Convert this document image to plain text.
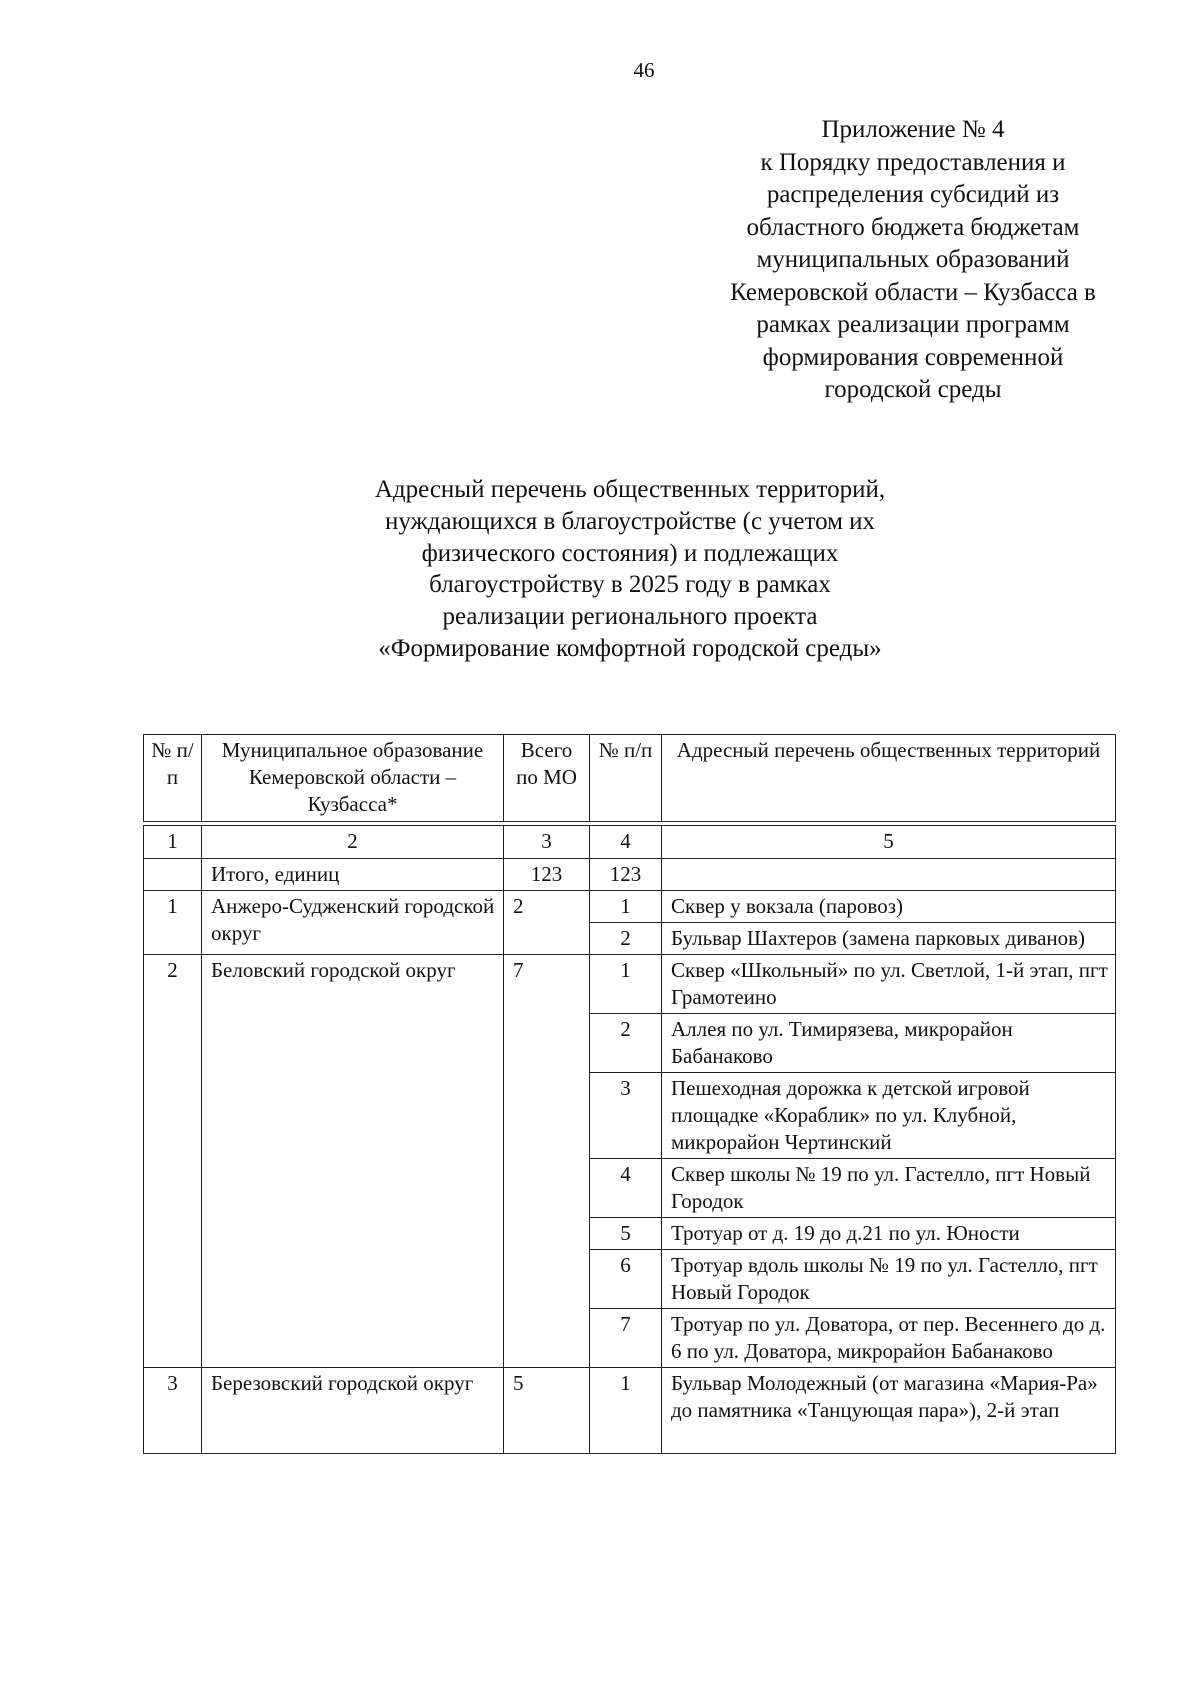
46
Приложение № 4
к Порядку предоставления и
распределения субсидий из
областного бюджета бюджетам
муниципальных образований
Кемеровской области – Кузбасса в
рамках реализации программ
формирования современной
городской среды
Адресный перечень общественных территорий,
нуждающихся в благоустройстве (с учетом их
физического состояния) и подлежащих
благоустройству в 2025 году в рамках
реализации регионального проекта
«Формирование комфортной городской среды»
№ п/п	Муниципальное образование Кемеровской области – Кузбасса*	Всего по МО	№ п/п	Адресный перечень общественных территорий

1	2	3	4	5
	Итого, единиц	123	123	
1	Анжеро-Судженский городской округ	2	1	Сквер у вокзала (паровоз)
			2	Бульвар Шахтеров (замена парковых диванов)
2	Беловский городской округ	7	1	Сквер «Школьный» по ул. Светлой, 1-й этап, пгт Грамотеино
			2	Аллея по ул. Тимирязева, микрорайон Бабанаково
			3	Пешеходная дорожка к детской игровой площадке «Кораблик» по ул. Клубной, микрорайон Чертинский
			4	Сквер школы № 19 по ул. Гастелло, пгт Новый Городок
			5	Тротуар от д. 19 до д.21 по ул. Юности
			6	Тротуар вдоль школы № 19 по ул. Гастелло, пгт Новый Городок
			7	Тротуар по ул. Доватора, от пер. Весеннего до д. 6 по ул. Доватора, микрорайон Бабанаково
3	Березовский городской округ	5	1	Бульвар Молодежный (от магазина «Мария-Ра» до памятника «Танцующая пара»), 2-й этап
